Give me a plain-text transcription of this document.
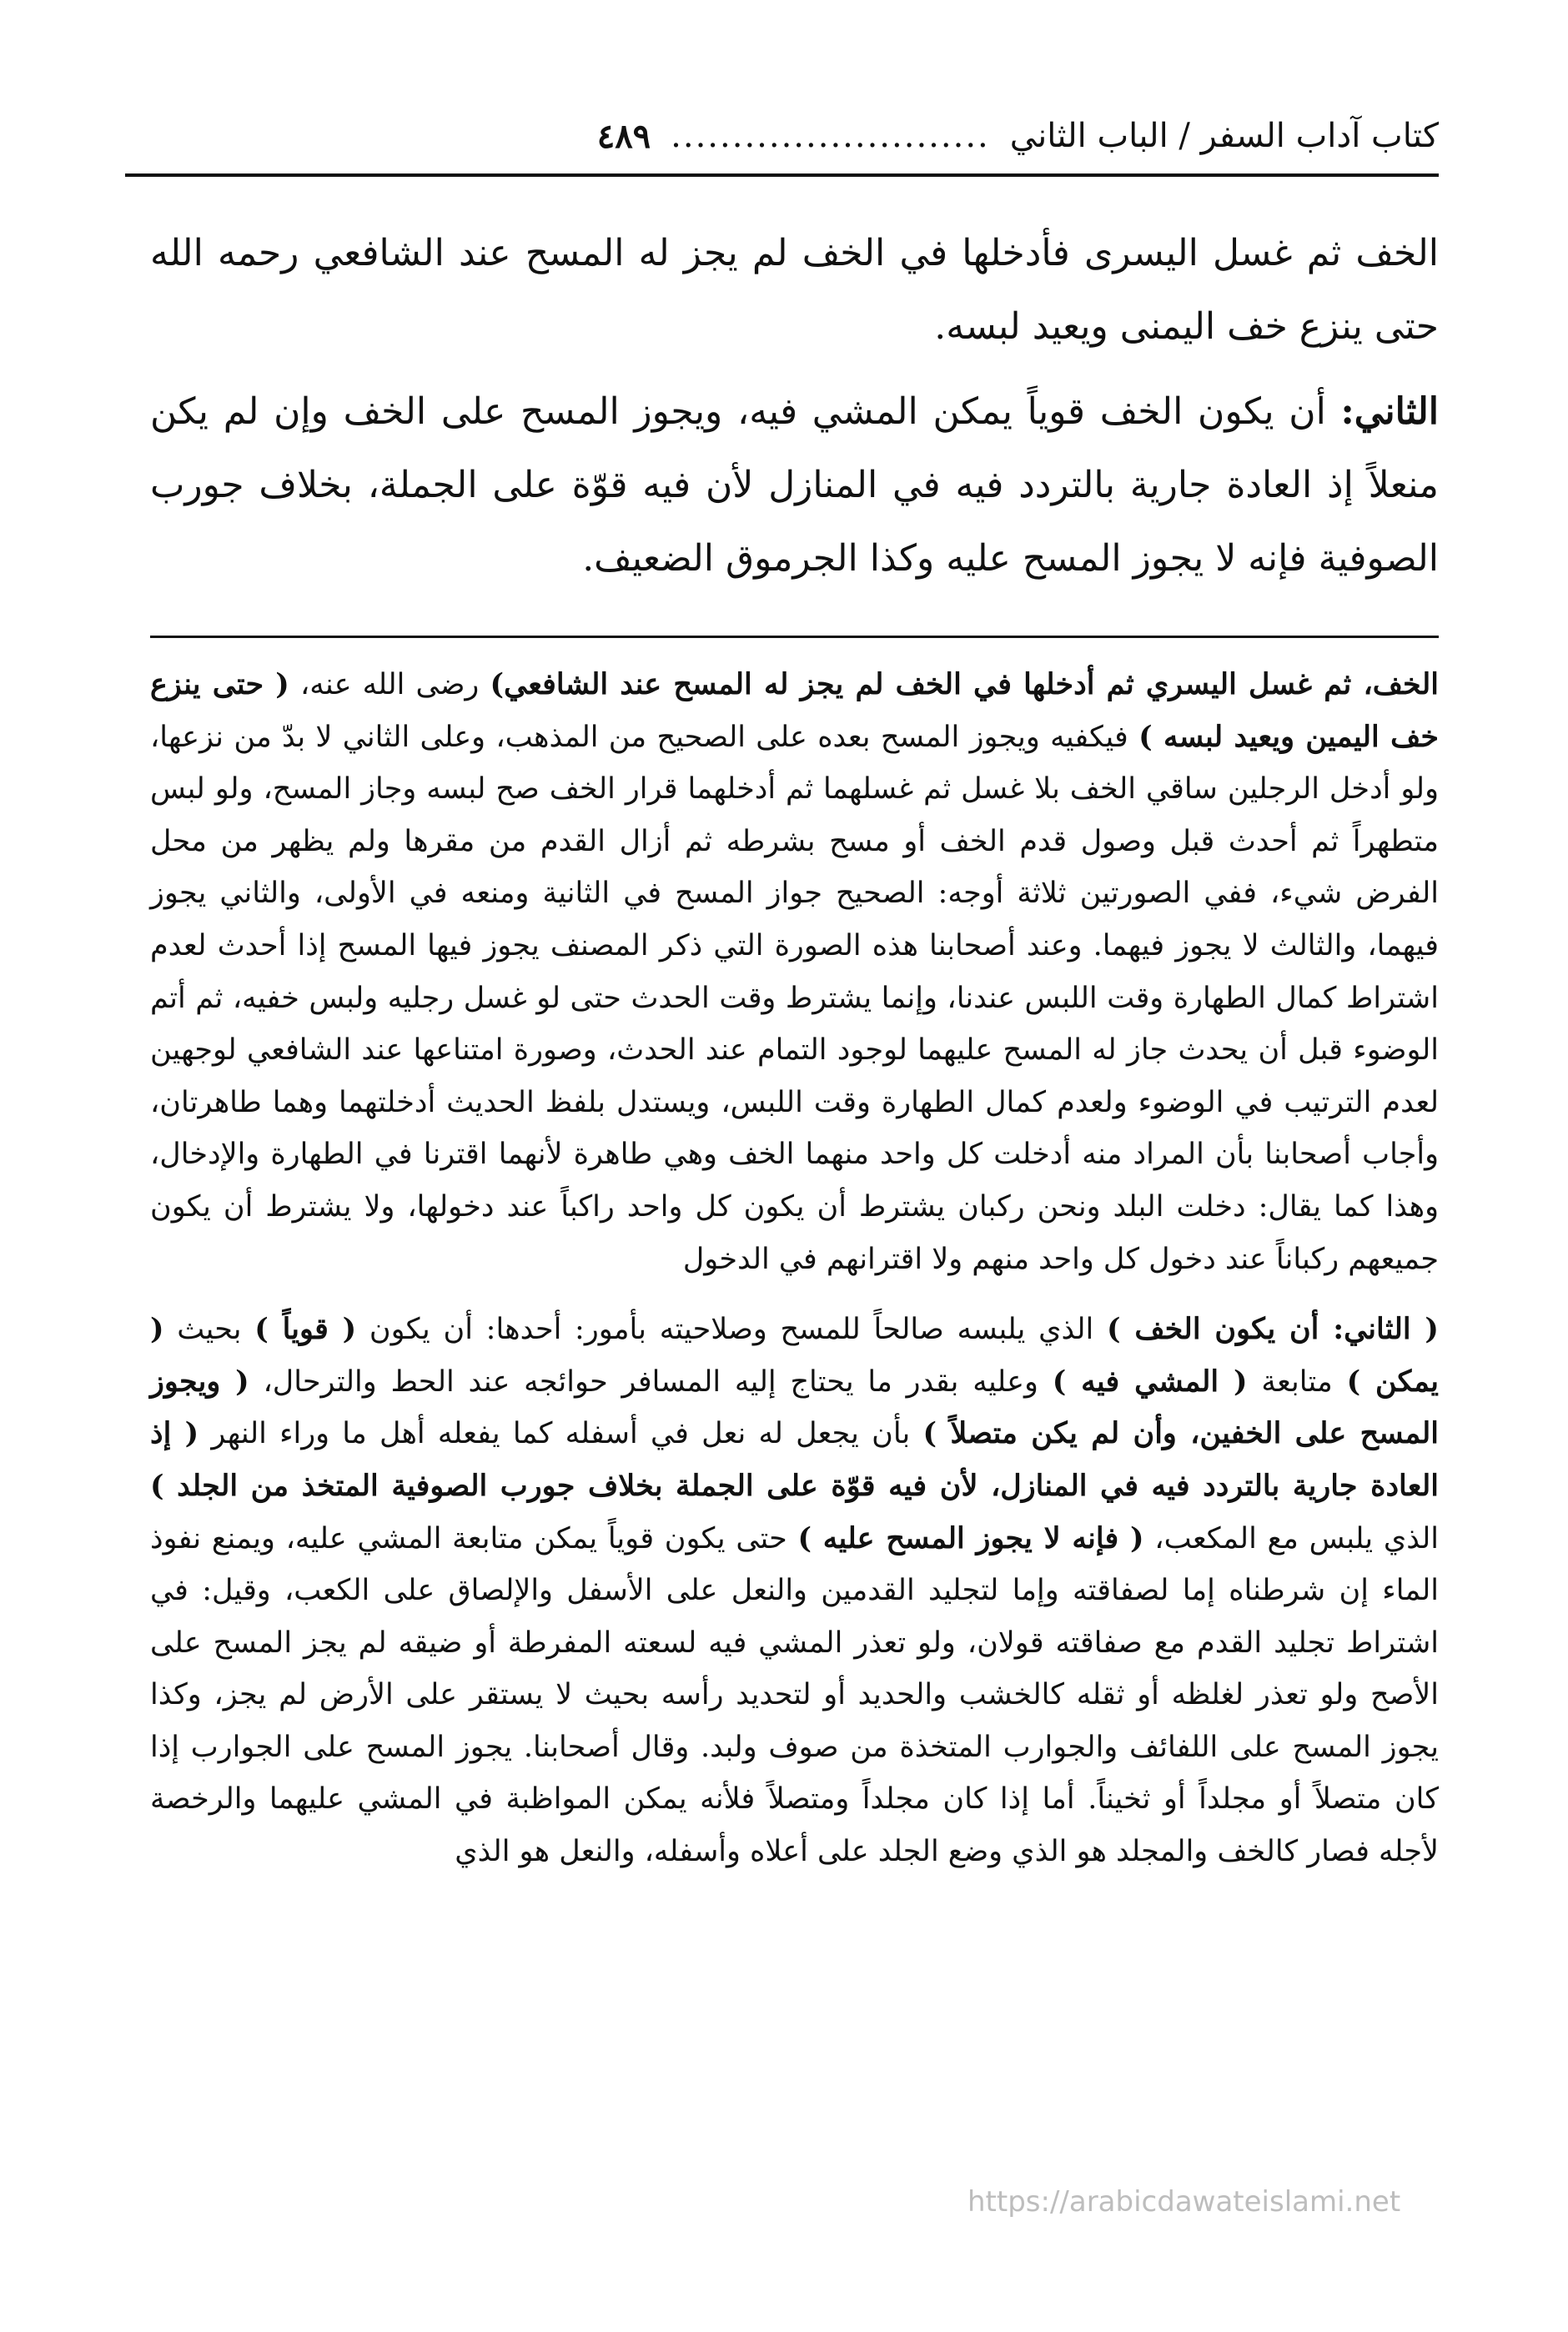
كتاب آداب السفر / الباب الثاني
..........................
٤٨٩

الخف ثم غسل اليسرى فأدخلها في الخف لم يجز له المسح عند الشافعي رحمه الله حتى ينزع خف اليمنى ويعيد لبسه.

الثاني: أن يكون الخف قوياً يمكن المشي فيه، ويجوز المسح على الخف وإن لم يكن منعلاً إذ العادة جارية بالتردد فيه في المنازل لأن فيه قوّة على الجملة، بخلاف جورب الصوفية فإنه لا يجوز المسح عليه وكذا الجرموق الضعيف.

الخف، ثم غسل اليسري ثم أدخلها في الخف لم يجز له المسح عند الشافعي) رضى الله عنه، ( حتى ينزع خف اليمين ويعيد لبسه ) فيكفيه ويجوز المسح بعده على الصحيح من المذهب، وعلى الثاني لا بدّ من نزعها، ولو أدخل الرجلين ساقي الخف بلا غسل ثم غسلهما ثم أدخلهما قرار الخف صح لبسه وجاز المسح، ولو لبس متطهراً ثم أحدث قبل وصول قدم الخف أو مسح بشرطه ثم أزال القدم من مقرها ولم يظهر من محل الفرض شيء، ففي الصورتين ثلاثة أوجه: الصحيح جواز المسح في الثانية ومنعه في الأولى، والثاني يجوز فيهما، والثالث لا يجوز فيهما. وعند أصحابنا هذه الصورة التي ذكر المصنف يجوز فيها المسح إذا أحدث لعدم اشتراط كمال الطهارة وقت اللبس عندنا، وإنما يشترط وقت الحدث حتى لو غسل رجليه ولبس خفيه، ثم أتم الوضوء قبل أن يحدث جاز له المسح عليهما لوجود التمام عند الحدث، وصورة امتناعها عند الشافعي لوجهين لعدم الترتيب في الوضوء ولعدم كمال الطهارة وقت اللبس، ويستدل بلفظ الحديث أدخلتهما وهما طاهرتان، وأجاب أصحابنا بأن المراد منه أدخلت كل واحد منهما الخف وهي طاهرة لأنهما اقترنا في الطهارة والإدخال، وهذا كما يقال: دخلت البلد ونحن ركبان يشترط أن يكون كل واحد راكباً عند دخولها، ولا يشترط أن يكون جميعهم ركباناً عند دخول كل واحد منهم ولا اقترانهم في الدخول

( الثاني: أن يكون الخف ) الذي يلبسه صالحاً للمسح وصلاحيته بأمور: أحدها: أن يكون ( قوياً ) بحيث ( يمكن ) متابعة ( المشي فيه ) وعليه بقدر ما يحتاج إليه المسافر حوائجه عند الحط والترحال، ( ويجوز المسح على الخفين، وأن لم يكن متصلاً ) بأن يجعل له نعل في أسفله كما يفعله أهل ما وراء النهر ( إذ العادة جارية بالتردد فيه في المنازل، لأن فيه قوّة على الجملة بخلاف جورب الصوفية المتخذ من الجلد ) الذي يلبس مع المكعب، ( فإنه لا يجوز المسح عليه ) حتى يكون قوياً يمكن متابعة المشي عليه، ويمنع نفوذ الماء إن شرطناه إما لصفاقته وإما لتجليد القدمين والنعل على الأسفل والإلصاق على الكعب، وقيل: في اشتراط تجليد القدم مع صفاقته قولان، ولو تعذر المشي فيه لسعته المفرطة أو ضيقه لم يجز المسح على الأصح ولو تعذر لغلظه أو ثقله كالخشب والحديد أو لتحديد رأسه بحيث لا يستقر على الأرض لم يجز، وكذا يجوز المسح على اللفائف والجوارب المتخذة من صوف ولبد. وقال أصحابنا. يجوز المسح على الجوارب إذا كان متصلاً أو مجلداً أو ثخيناً. أما إذا كان مجلداً ومتصلاً فلأنه يمكن المواظبة في المشي عليهما والرخصة لأجله فصار كالخف والمجلد هو الذي وضع الجلد على أعلاه وأسفله، والنعل هو الذي

https://arabicdawateislami.net
